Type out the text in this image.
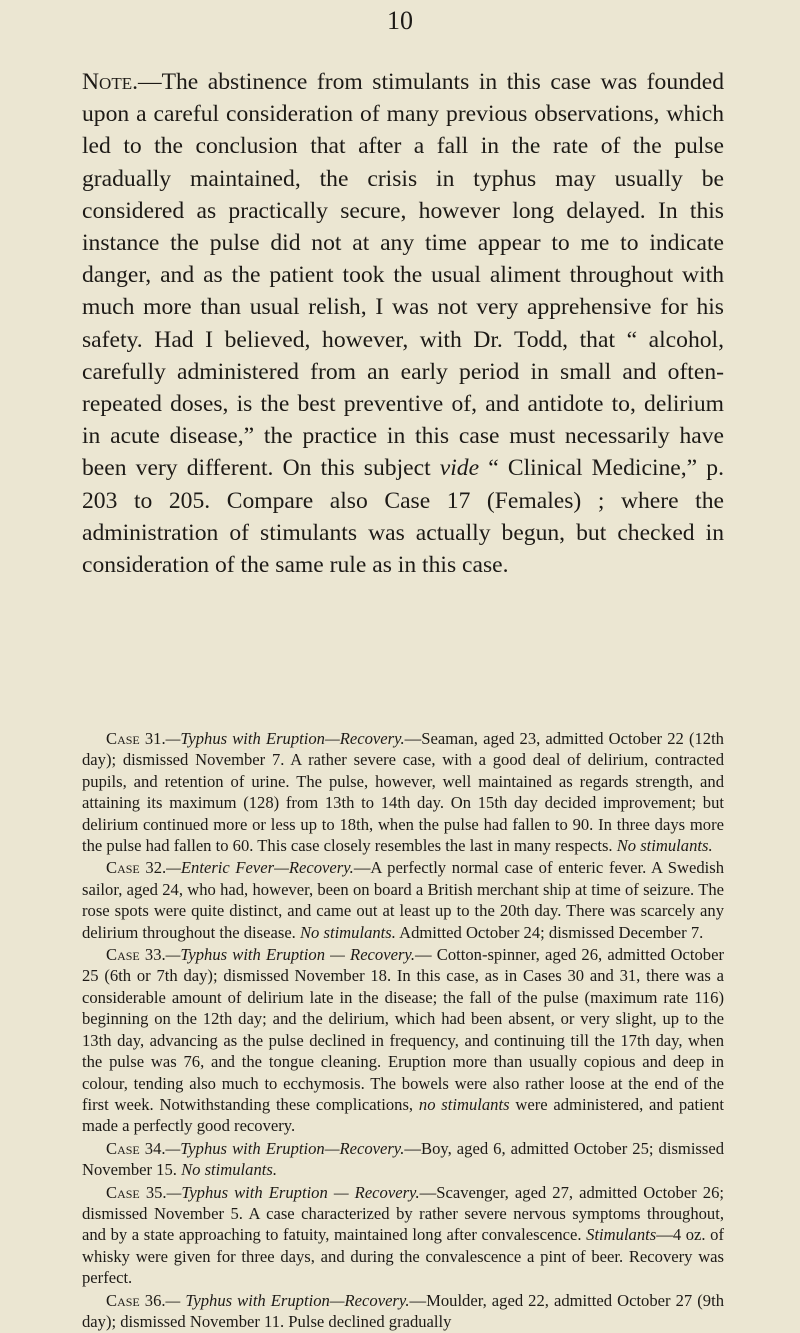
10

Note.—The abstinence from stimulants in this case was founded upon a careful consideration of many previous observations, which led to the conclusion that after a fall in the rate of the pulse gradually maintained, the crisis in typhus may usually be considered as practically secure, however long delayed. In this instance the pulse did not at any time appear to me to indicate danger, and as the patient took the usual aliment throughout with much more than usual relish, I was not very apprehensive for his safety. Had I believed, however, with Dr. Todd, that “ alcohol, carefully administered from an early period in small and often-repeated doses, is the best preventive of, and antidote to, delirium in acute disease,” the practice in this case must necessarily have been very different. On this subject vide “ Clinical Medicine,” p. 203 to 205. Compare also Case 17 (Females) ; where the administration of stimulants was actually begun, but checked in consideration of the same rule as in this case.

Case 31.—Typhus with Eruption—Recovery.—Seaman, aged 23, admitted October 22 (12th day); dismissed November 7. A rather severe case, with a good deal of delirium, contracted pupils, and retention of urine. The pulse, however, well maintained as regards strength, and attaining its maximum (128) from 13th to 14th day. On 15th day decided improvement; but delirium continued more or less up to 18th, when the pulse had fallen to 90. In three days more the pulse had fallen to 60. This case closely resembles the last in many respects. No stimulants.

Case 32.—Enteric Fever—Recovery.—A perfectly normal case of enteric fever. A Swedish sailor, aged 24, who had, however, been on board a British merchant ship at time of seizure. The rose spots were quite distinct, and came out at least up to the 20th day. There was scarcely any delirium throughout the disease. No stimulants. Admitted October 24; dismissed December 7.

Case 33.—Typhus with Eruption — Recovery.— Cotton-spinner, aged 26, admitted October 25 (6th or 7th day); dismissed November 18. In this case, as in Cases 30 and 31, there was a considerable amount of delirium late in the disease; the fall of the pulse (maximum rate 116) beginning on the 12th day; and the delirium, which had been absent, or very slight, up to the 13th day, advancing as the pulse declined in frequency, and continuing till the 17th day, when the pulse was 76, and the tongue cleaning. Eruption more than usually copious and deep in colour, tending also much to ecchymosis. The bowels were also rather loose at the end of the first week. Notwithstanding these complications, no stimulants were administered, and patient made a perfectly good recovery.

Case 34.—Typhus with Eruption—Recovery.—Boy, aged 6, admitted October 25; dismissed November 15. No stimulants.

Case 35.—Typhus with Eruption — Recovery.—Scavenger, aged 27, admitted October 26; dismissed November 5. A case characterized by rather severe nervous symptoms throughout, and by a state approaching to fatuity, maintained long after convalescence. Stimulants—4 oz. of whisky were given for three days, and during the convalescence a pint of beer. Recovery was perfect.

Case 36.— Typhus with Eruption—Recovery.—Moulder, aged 22, admitted October 27 (9th day); dismissed November 11. Pulse declined gradually
